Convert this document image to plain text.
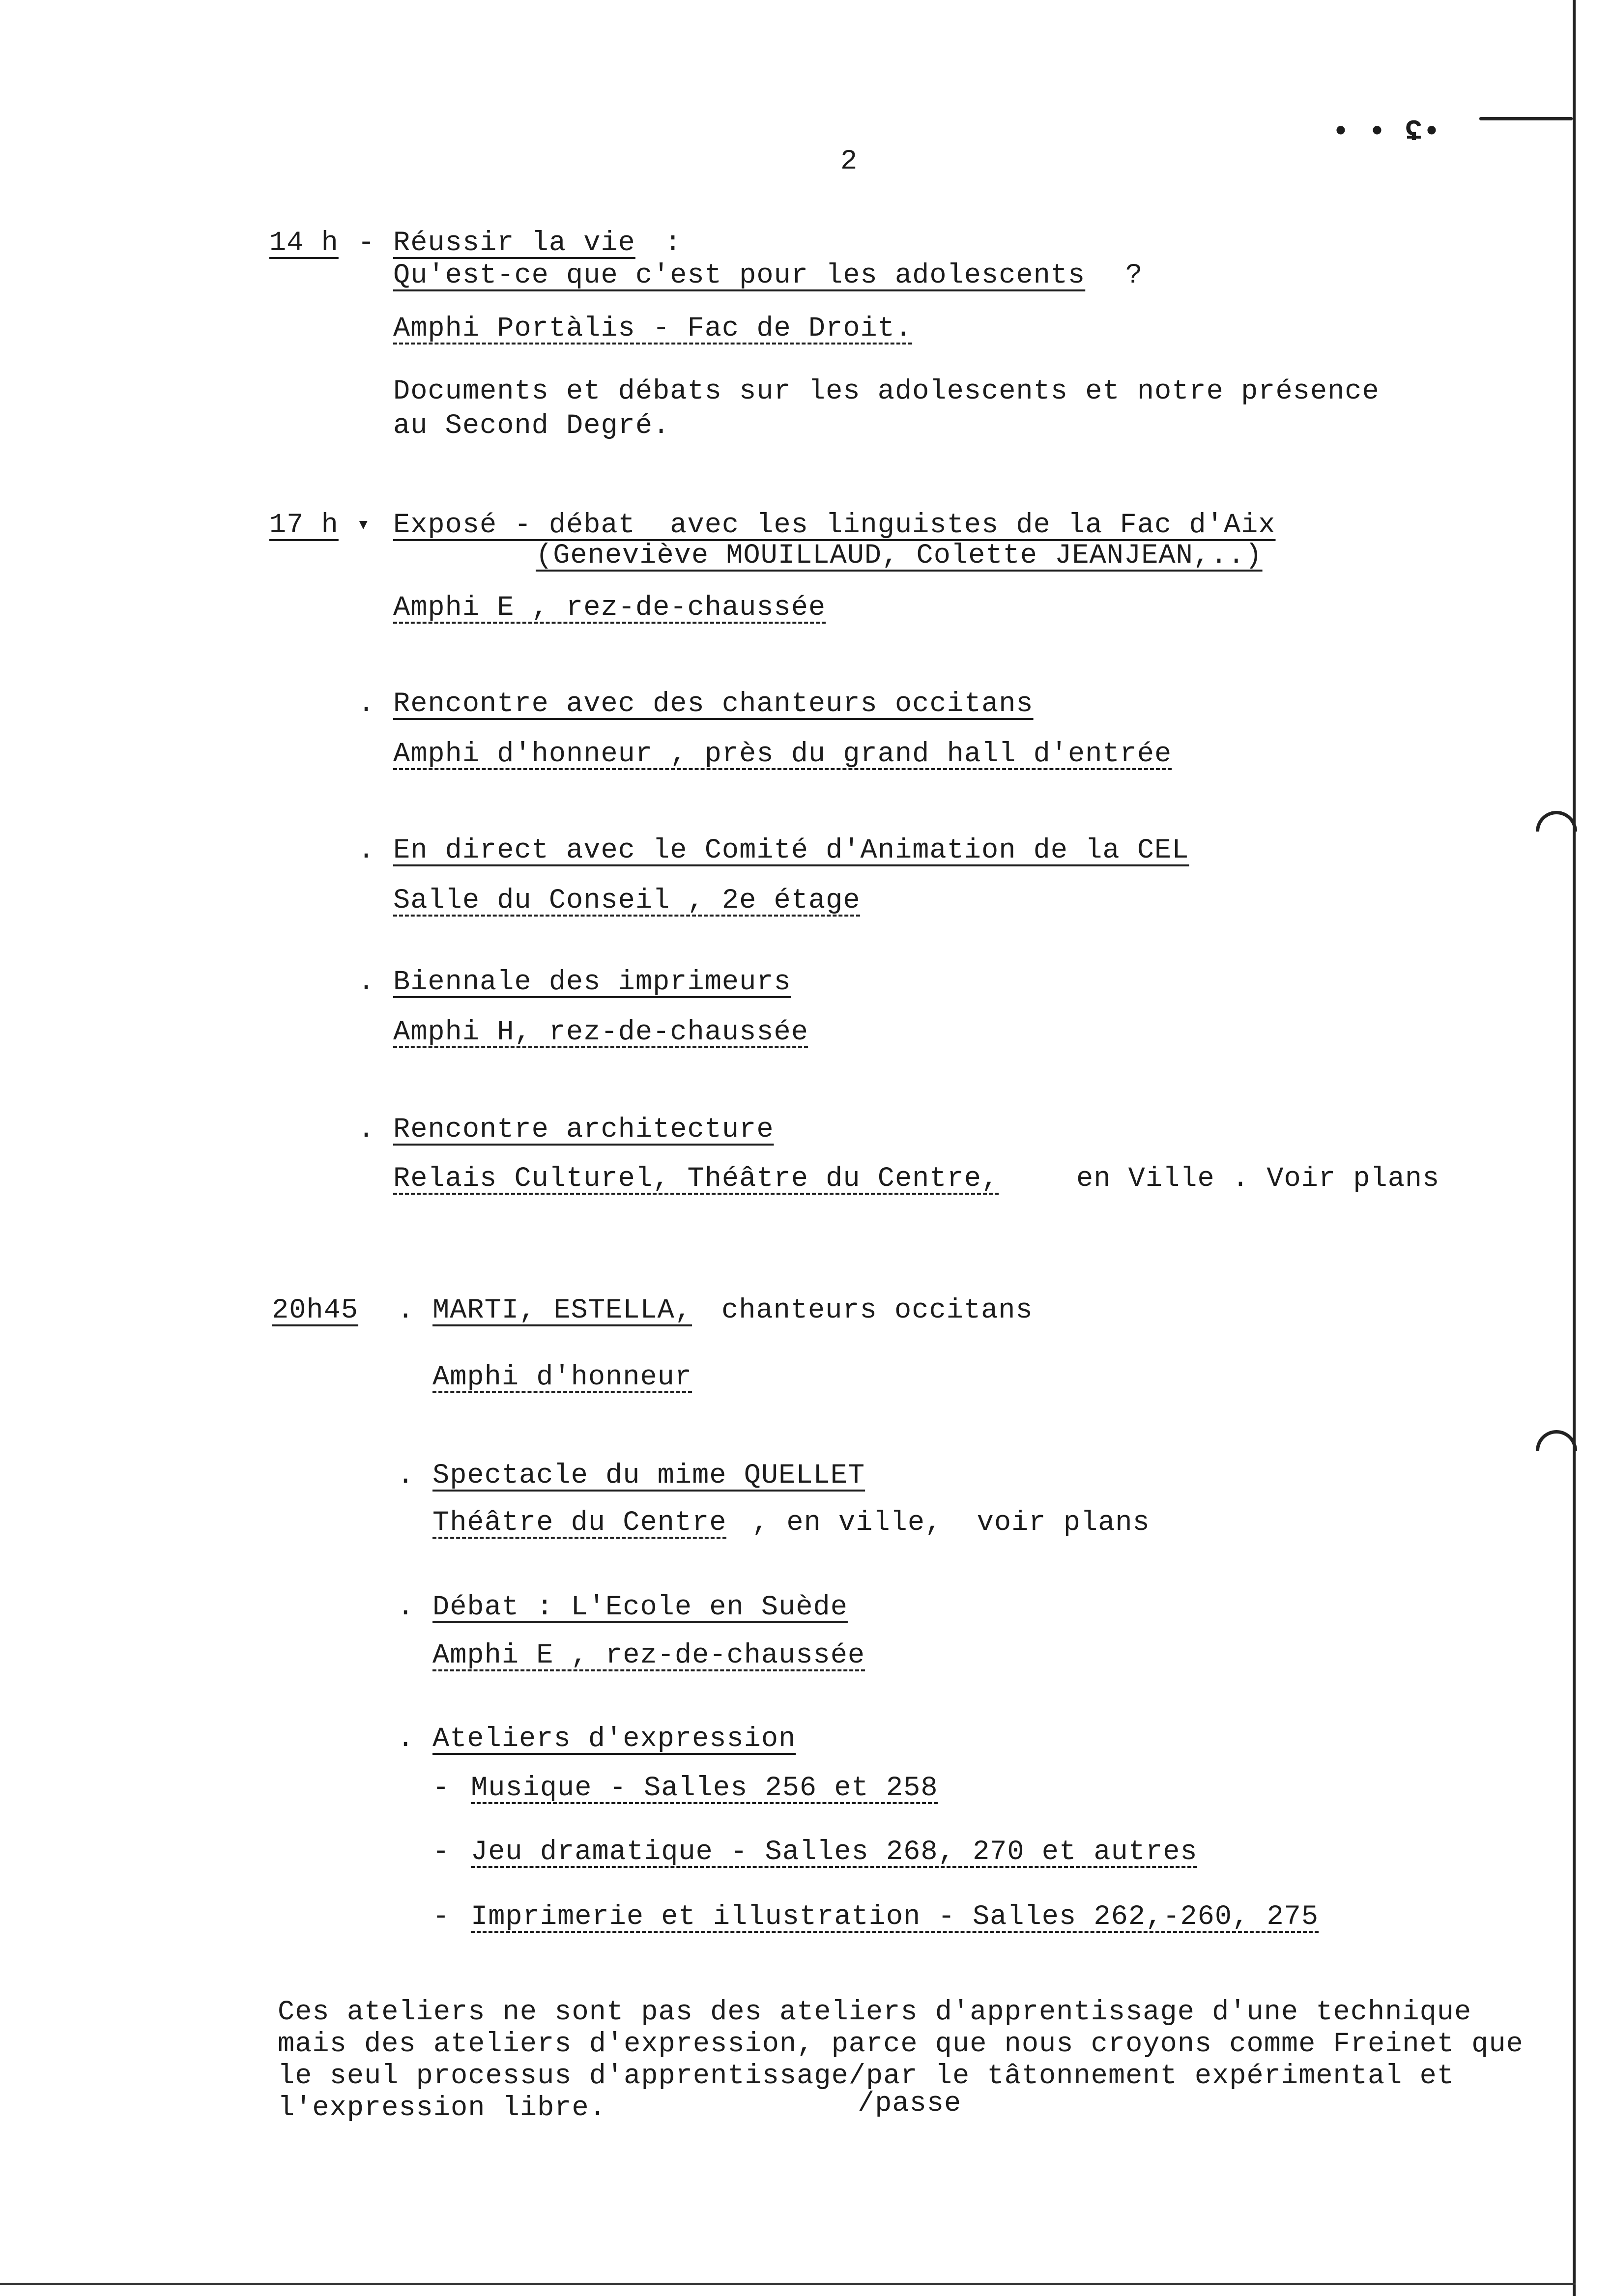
• • ʢ•
2
14 h - Réussir la vie :
Qu'est-ce que c'est pour les adolescents ?
Amphi Portàlis - Fac de Droit.
Documents et débats sur les adolescents et notre présence
au Second Degré.
17 h ▾ Exposé - débat  avec les linguistes de la Fac d'Aix
(Geneviève MOUILLAUD, Colette JEANJEAN,..)
Amphi E , rez-de-chaussée
. Rencontre avec des chanteurs occitans
Amphi d'honneur , près du grand hall d'entrée
. En direct avec le Comité d'Animation de la CEL
Salle du Conseil , 2e étage
. Biennale des imprimeurs
Amphi H, rez-de-chaussée
. Rencontre architecture
Relais Culturel, Théâtre du Centre,	en Ville . Voir plans
20h45 . MARTI, ESTELLA, chanteurs occitans
Amphi d'honneur
. Spectacle du mime QUELLET
Théâtre du Centre , en ville,  voir plans
. Débat : L'Ecole en Suède
Amphi E , rez-de-chaussée
. Ateliers d'expression
- Musique - Salles 256 et 258
- Jeu dramatique - Salles 268, 270 et autres
- Imprimerie et illustration - Salles 262,-260, 275
Ces ateliers ne sont pas des ateliers d'apprentissage d'une technique
mais des ateliers d'expression, parce que nous croyons comme Freinet que
le seul processus d'apprentissage/par le tâtonnement expérimental et
l'expression libre.	/passe
